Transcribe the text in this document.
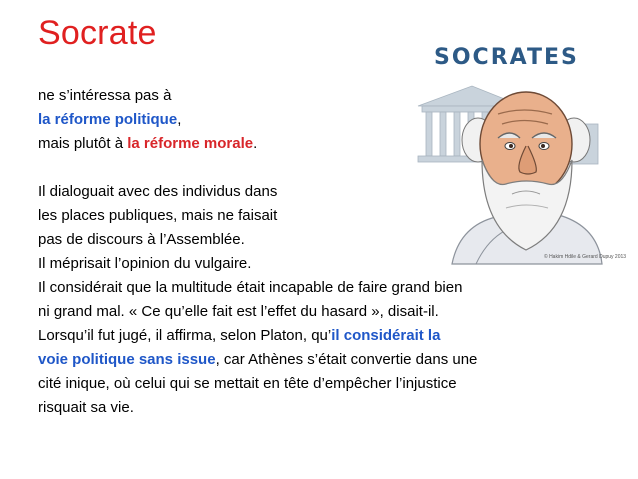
Socrate
ne s’intéressa pas à
la réforme politique,
mais plutôt à la réforme morale.
Il dialoguait avec des individus dans
les places publiques, mais ne faisait
pas de discours à l’Assemblée.
Il méprisait l’opinion du vulgaire.
Il considérait que la multitude était incapable de faire grand bien
ni grand mal. « Ce qu’elle fait est l’effet du hasard », disait-il.
Lorsqu’il fut jugé, il affirma, selon Platon, qu’il considérait la
voie politique sans issue, car Athènes s’était convertie dans une
cité inique, où celui qui se mettait en tête d’empêcher l’injustice
risquait sa vie.
SOCRATES
© Hakim Hdile & Gerard Dupuy 2013
